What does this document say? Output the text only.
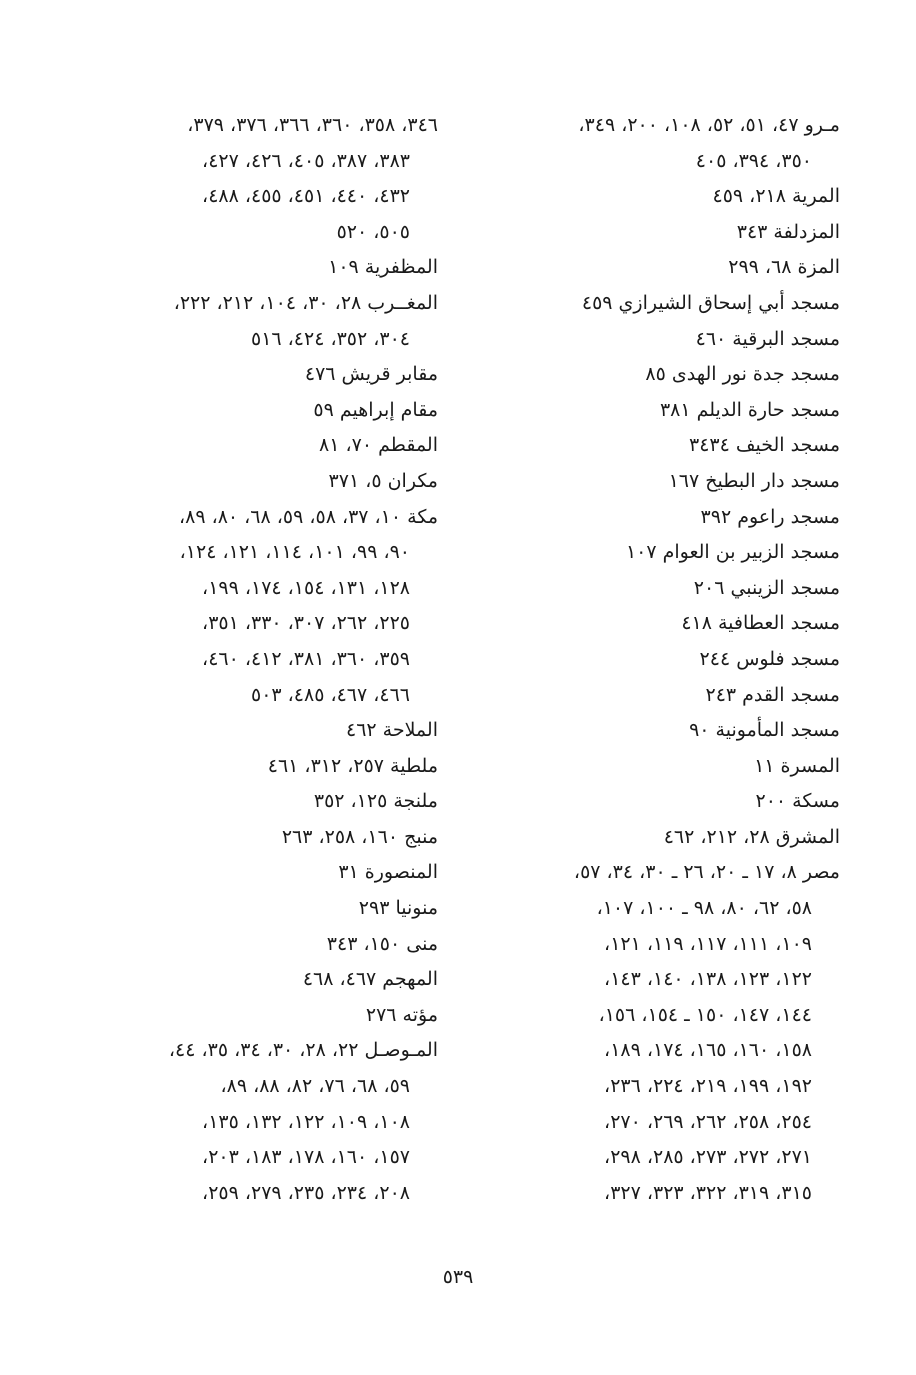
مـرو ٤٧، ٥١، ٥٢، ١٠٨، ٢٠٠، ٣٤٩،
٣٥٠، ٣٩٤، ٤٠٥
المرية ٢١٨، ٤٥٩
المزدلفة ٣٤٣
المزة ٦٨، ٢٩٩
مسجد أبي إسحاق الشيرازي ٤٥٩
مسجد البرقية ٤٦٠
مسجد جدة نور الهدى ٨٥
مسجد حارة الديلم ٣٨١
مسجد الخيف ٣٤٣٤
مسجد دار البطيخ ١٦٧
مسجد راعوم ٣٩٢
مسجد الزبير بن العوام ١٠٧
مسجد الزينبي ٢٠٦
مسجد العطافية ٤١٨
مسجد فلوس ٢٤٤
مسجد القدم ٢٤٣
مسجد المأمونية ٩٠
المسرة ١١
مسكة ٢٠٠
المشرق ٢٨، ٢١٢، ٤٦٢
مصر ٨، ١٧ ـ ٢٠، ٢٦ ـ ٣٠، ٣٤، ٥٧،
٥٨، ٦٢، ٨٠، ٩٨ ـ ١٠٠، ١٠٧،
١٠٩، ١١١، ١١٧، ١١٩، ١٢١،
١٢٢، ١٢٣، ١٣٨، ١٤٠، ١٤٣،
١٤٤، ١٤٧، ١٥٠ ـ ١٥٤، ١٥٦،
١٥٨، ١٦٠، ١٦٥، ١٧٤، ١٨٩،
١٩٢، ١٩٩، ٢١٩، ٢٢٤، ٢٣٦،
٢٥٤، ٢٥٨، ٢٦٢، ٢٦٩، ٢٧٠،
٢٧١، ٢٧٢، ٢٧٣، ٢٨٥، ٢٩٨،
٣١٥، ٣١٩، ٣٢٢، ٣٢٣، ٣٢٧،
٣٤٦، ٣٥٨، ٣٦٠، ٣٦٦، ٣٧٦، ٣٧٩،
٣٨٣، ٣٨٧، ٤٠٥، ٤٢٦، ٤٢٧،
٤٣٢، ٤٤٠، ٤٥١، ٤٥٥، ٤٨٨،
٥٠٥، ٥٢٠
المظفرية ١٠٩
المغــرب ٢٨، ٣٠، ١٠٤، ٢١٢، ٢٢٢،
٣٠٤، ٣٥٢، ٤٢٤، ٥١٦
مقابر قريش ٤٧٦
مقام إبراهيم ٥٩
المقطم ٧٠، ٨١
مكران ٥، ٣٧١
مكة ١٠، ٣٧، ٥٨، ٥٩، ٦٨، ٨٠، ٨٩،
٩٠، ٩٩، ١٠١، ١١٤، ١٢١، ١٢٤،
١٢٨، ١٣١، ١٥٤، ١٧٤، ١٩٩،
٢٢٥، ٢٦٢، ٣٠٧، ٣٣٠، ٣٥١،
٣٥٩، ٣٦٠، ٣٨١، ٤١٢، ٤٦٠،
٤٦٦، ٤٦٧، ٤٨٥، ٥٠٣
الملاحة ٤٦٢
ملطية ٢٥٧، ٣١٢، ٤٦١
ملنجة ١٢٥، ٣٥٢
منبج ١٦٠، ٢٥٨، ٢٦٣
المنصورة ٣١
منونيا ٢٩٣
منى ١٥٠، ٣٤٣
المهجم ٤٦٧، ٤٦٨
مؤته ٢٧٦
المـوصـل ٢٢، ٢٨، ٣٠، ٣٤، ٣٥، ٤٤،
٥٩، ٦٨، ٧٦، ٨٢، ٨٨، ٨٩،
١٠٨، ١٠٩، ١٢٢، ١٣٢، ١٣٥،
١٥٧، ١٦٠، ١٧٨، ١٨٣، ٢٠٣،
٢٠٨، ٢٣٤، ٢٣٥، ٢٧٩، ٢٥٩،
٥٣٩
